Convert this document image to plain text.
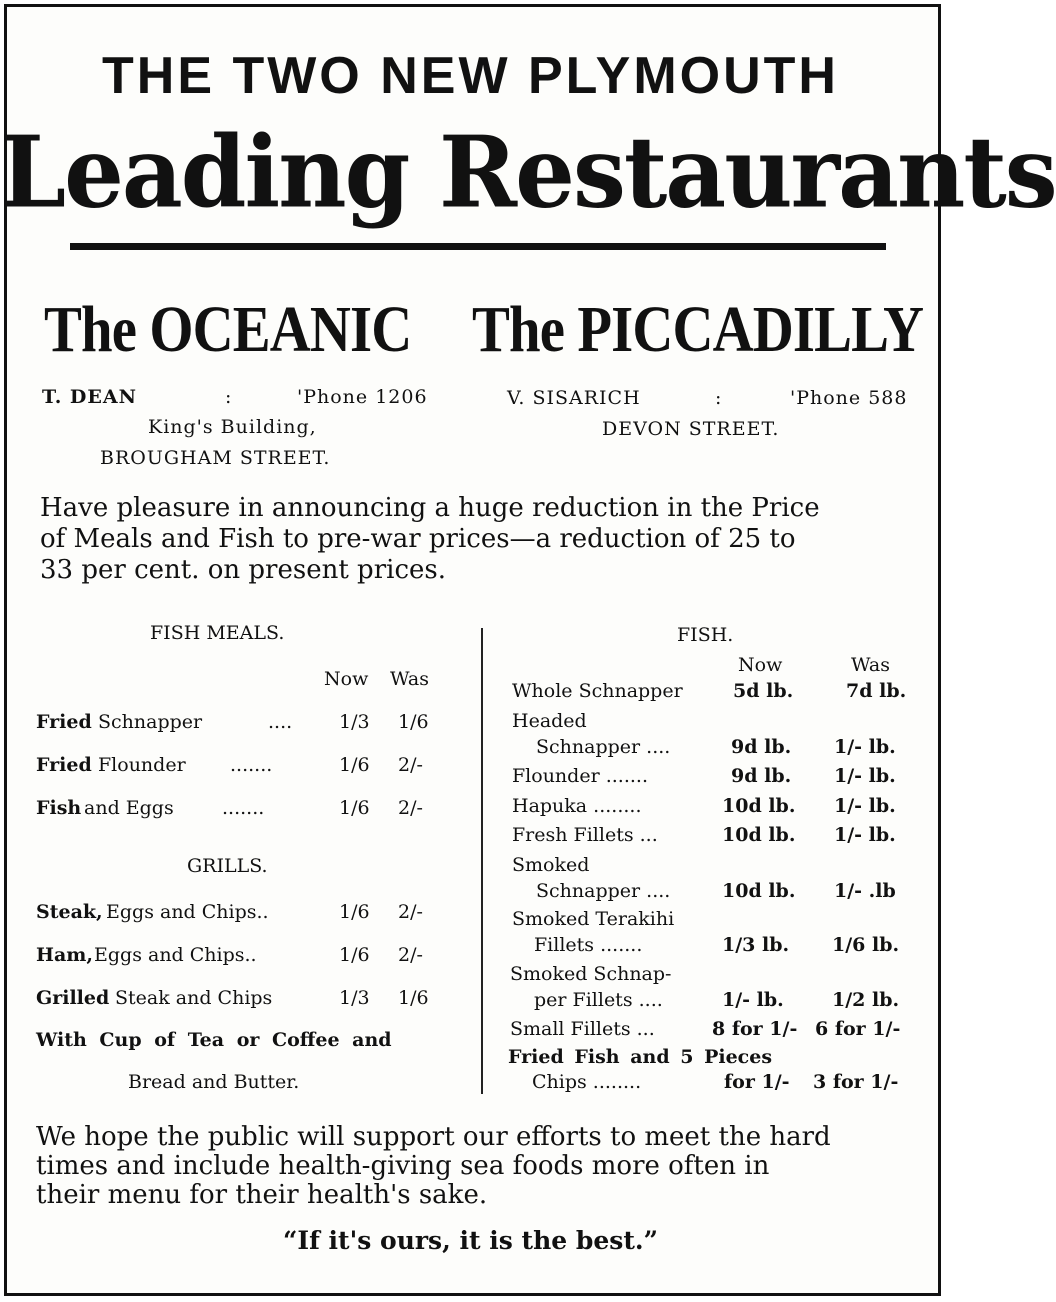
THE TWO NEW PLYMOUTH
Leading Restaurants
The OCEANIC The PICCADILLY
T. DEAN	:	'Phone 1206
King's Building,
BROUGHAM STREET.
V. SISARICH	:	'Phone 588
DEVON STREET.
Have pleasure in announcing a huge reduction in the Price
of Meals and Fish to pre-war prices—a reduction of 25 to
33 per cent. on present prices.
FISH MEALS.
Now Was
Fried Schnapper	.... 1/3 1/6
Fried Flounder .......	1/6 2/-
Fish and Eggs	.......	1/6 2/-
GRILLS.
Steak, Eggs and Chips..	1/6 2/-
Ham, Eggs and Chips..	1/6 2/-
Grilled Steak and Chips	1/3 1/6
With Cup of Tea or Coffee and
Bread and Butter.
FISH.
Now	Was
Whole Schnapper	5d lb.	7d lb.
Headed
Schnapper ....	9d lb. 1/- lb.
Flounder .......	9d lb. 1/- lb.
Hapuka ........	10d lb. 1/- lb.
Fresh Fillets ...	10d lb. 1/- lb.
Smoked
Schnapper ....	10d lb. 1/- .lb
Smoked Terakihi
Fillets .......	1/3 lb. 1/6 lb.
Smoked Schnap-
per Fillets ....	1/- lb.	1/2 lb.
Small Fillets ...	8 for 1/- 6 for 1/-
Fried Fish and 5 Pieces
Chips ........	for 1/- 3 for 1/-
We hope the public will support our efforts to meet the hard
times and include health-giving sea foods more often in
their menu for their health's sake.
“If it's ours, it is the best.”
